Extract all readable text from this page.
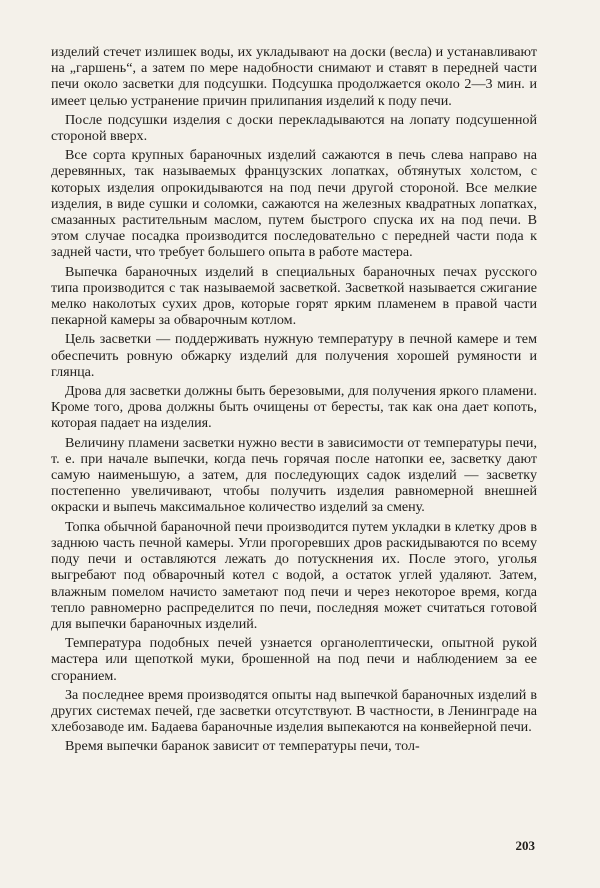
изделий стечет излишек воды, их укладывают на доски (весла) и устанавливают на „гаршень“, а затем по мере надобности снимают и ставят в передней части печи около засветки для подсушки. Подсушка продолжается около 2—3 мин. и имеет целью устранение причин прилипания изделий к поду печи.

После подсушки изделия с доски перекладываются на лопату подсушенной стороной вверх.

Все сорта крупных бараночных изделий сажаются в печь слева направо на деревянных, так называемых французских лопатках, обтянутых холстом, с которых изделия опрокидываются на под печи другой стороной. Все мелкие изделия, в виде сушки и соломки, сажаются на железных квадратных лопатках, смазанных растительным маслом, путем быстрого спуска их на под печи. В этом случае посадка производится последовательно с передней части пода к задней части, что требует большего опыта в работе мастера.

Выпечка бараночных изделий в специальных бараночных печах русского типа производится с так называемой засветкой. Засветкой называется сжигание мелко наколотых сухих дров, которые горят ярким пламенем в правой части пекарной камеры за обварочным котлом.

Цель засветки — поддерживать нужную температуру в печной камере и тем обеспечить ровную обжарку изделий для получения хорошей румяности и глянца.

Дрова для засветки должны быть березовыми, для получения яркого пламени. Кроме того, дрова должны быть очищены от бересты, так как она дает копоть, которая падает на изделия.

Величину пламени засветки нужно вести в зависимости от температуры печи, т. е. при начале выпечки, когда печь горячая после натопки ее, засветку дают самую наименьшую, а затем, для последующих садок изделий — засветку постепенно увеличивают, чтобы получить изделия равномерной внешней окраски и выпечь максимальное количество изделий за смену.

Топка обычной бараночной печи производится путем укладки в клетку дров в заднюю часть печной камеры. Угли прогоревших дров раскидываются по всему поду печи и оставляются лежать до потускнения их. После этого, уголья выгребают под обварочный котел с водой, а остаток углей удаляют. Затем, влажным помелом начисто заметают под печи и через некоторое время, когда тепло равномерно распределится по печи, последняя может считаться готовой для выпечки бараночных изделий.

Температура подобных печей узнается органолептически, опытной рукой мастера или щепоткой муки, брошенной на под печи и наблюдением за ее сгоранием.

За последнее время производятся опыты над выпечкой бараночных изделий в других системах печей, где засветки отсутствуют. В частности, в Ленинграде на хлебозаводе им. Бадаева бараночные изделия выпекаются на конвейерной печи.

Время выпечки баранок зависит от температуры печи, тол-

203
